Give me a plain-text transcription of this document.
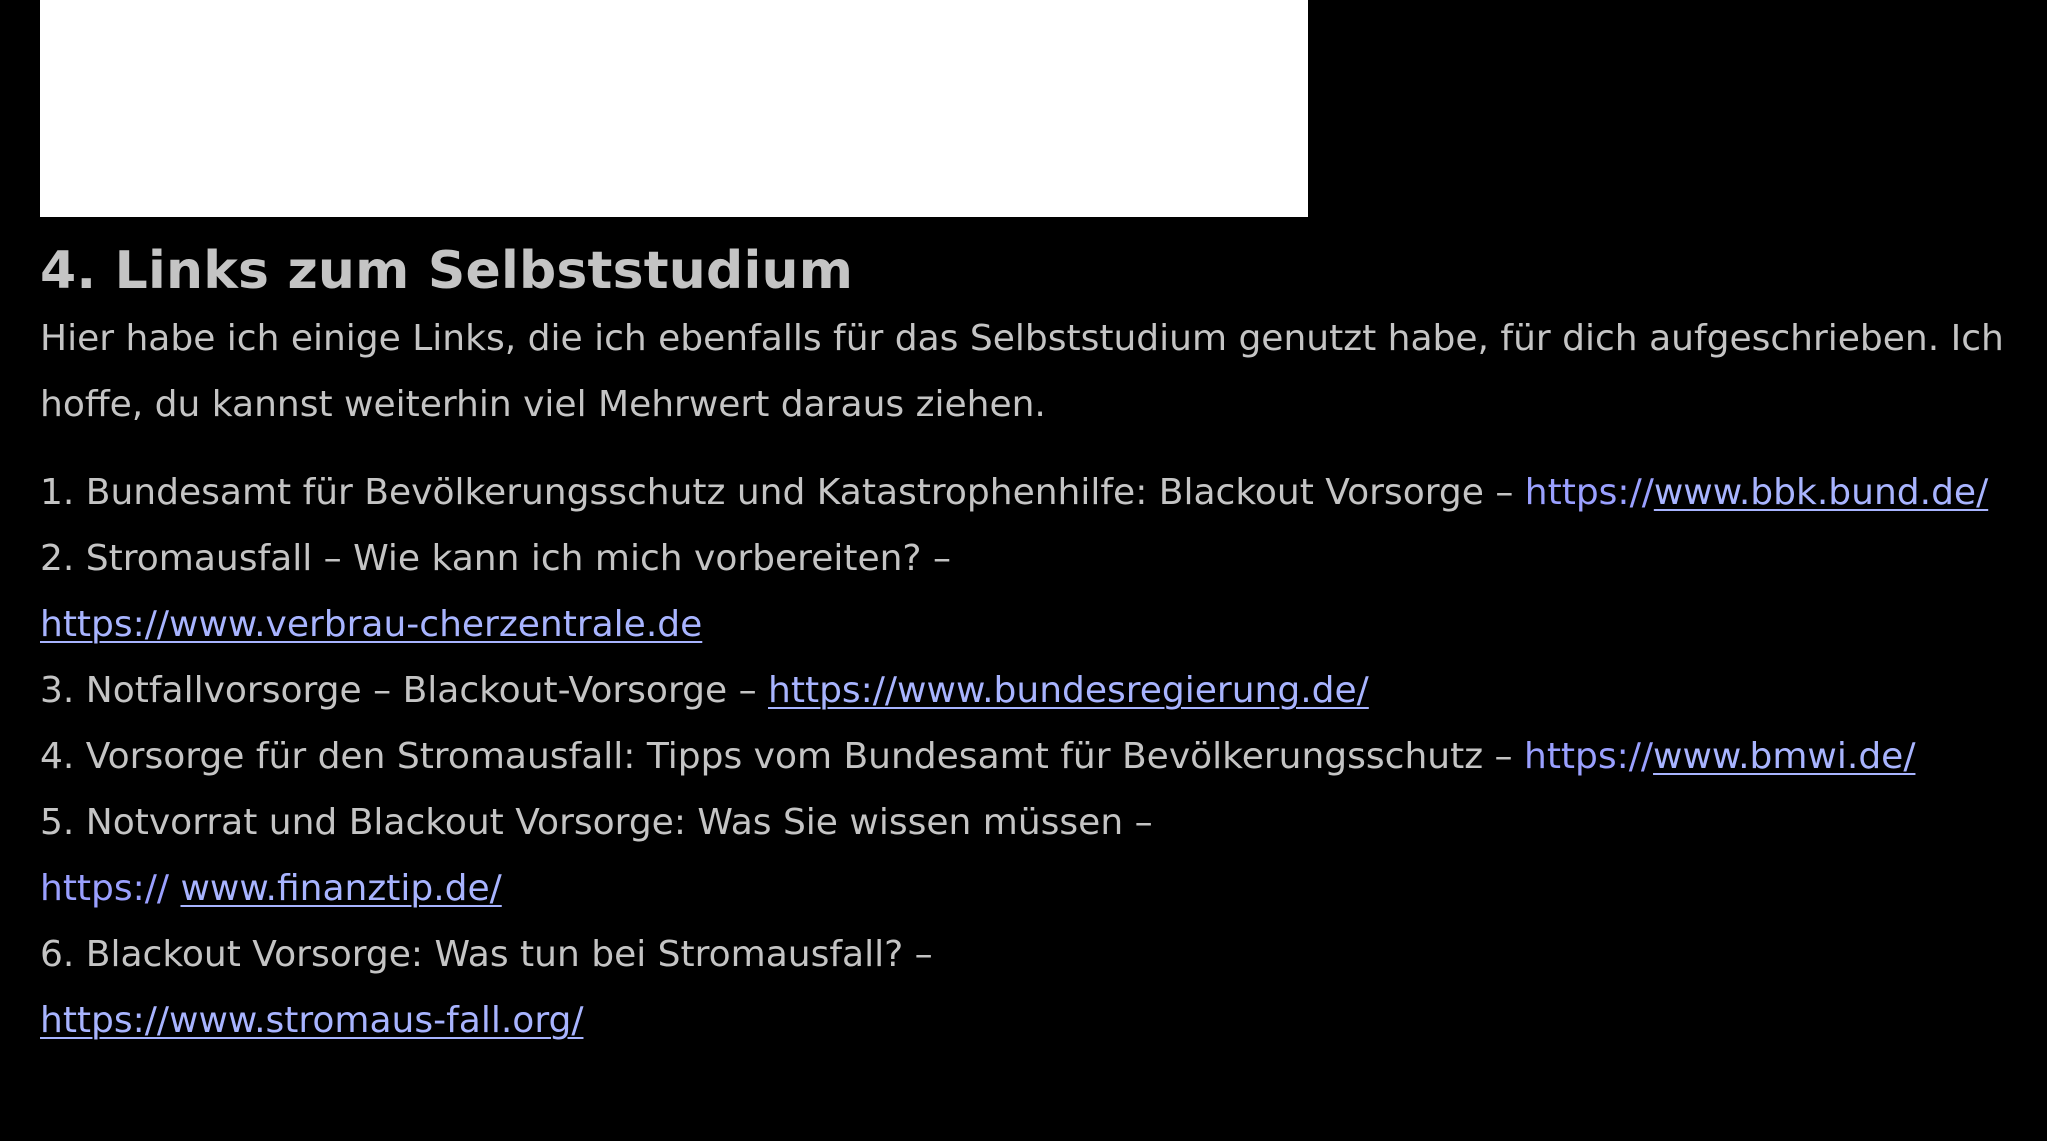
4. Links zum Selbststudium

Hier habe ich einige Links, die ich ebenfalls für das Selbststudium genutzt habe, für dich aufgeschrieben. Ich
hoffe, du kannst weiterhin viel Mehrwert daraus ziehen.

1. Bundesamt für Bevölkerungsschutz und Katastrophenhilfe: Blackout Vorsorge – https://www.bbk.bund.de/
2. Stromausfall – Wie kann ich mich vorbereiten? –
https://www.verbrau-cherzentrale.de
3. Notfallvorsorge – Blackout-Vorsorge – https://www.bundesregierung.de/
4. Vorsorge für den Stromausfall: Tipps vom Bundesamt für Bevölkerungsschutz – https://www.bmwi.de/
5. Notvorrat und Blackout Vorsorge: Was Sie wissen müssen –
https:// www.finanztip.de/
6. Blackout Vorsorge: Was tun bei Stromausfall? –
https://www.stromaus-fall.org/
